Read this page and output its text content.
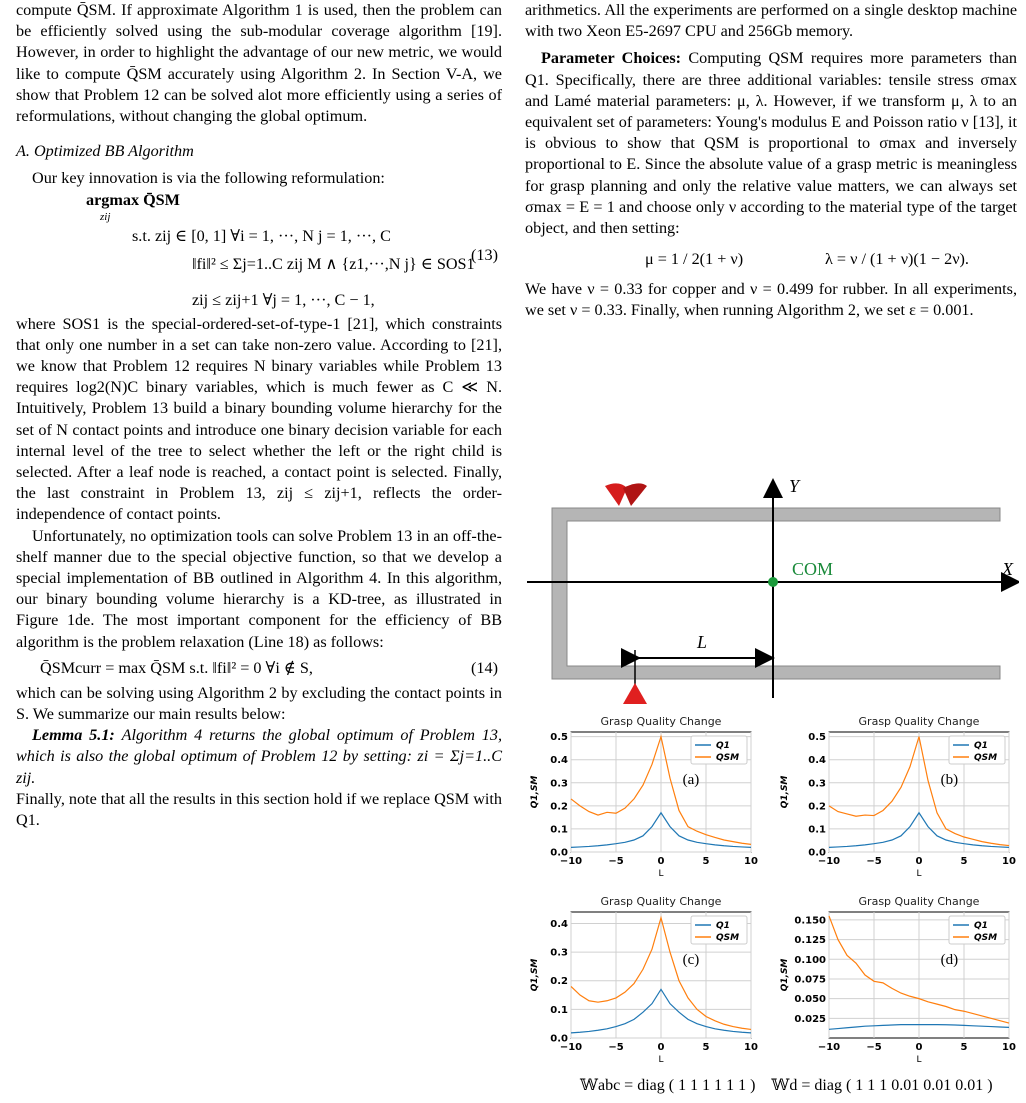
compute Q̄SM. If approximate Algorithm 1 is used, then the problem can be efficiently solved using the sub-modular coverage algorithm [19]. However, in order to highlight the advantage of our new metric, we would like to compute Q̄SM accurately using Algorithm 2. In Section V-A, we show that Problem 12 can be solved alot more efficiently using a series of reformulations, without changing the global optimum.

A. Optimized BB Algorithm

Our key innovation is via the following reformulation:

argmax Q̄SM
zij
s.t. zij ∈ [0, 1] ∀i = 1, ···, N j = 1, ···, C
‖fi‖² ≤ Σj=1..C zij M ∧ {z1,···,N j} ∈ SOS1
zij ≤ zij+1 ∀j = 1, ···, C − 1,
(13)

where SOS1 is the special-ordered-set-of-type-1 [21], which constraints that only one number in a set can take non-zero value. According to [21], we know that Problem 12 requires N binary variables while Problem 13 requires log2(N)C binary variables, which is much fewer as C ≪ N. Intuitively, Problem 13 build a binary bounding volume hierarchy for the set of N contact points and introduce one binary decision variable for each internal level of the tree to select whether the left or the right child is selected. After a leaf node is reached, a contact point is selected. Finally, the last constraint in Problem 13, zij ≤ zij+1, reflects the order-independence of contact points.

Unfortunately, no optimization tools can solve Problem 13 in an off-the-shelf manner due to the special objective function, so that we develop a special implementation of BB outlined in Algorithm 4. In this algorithm, our binary bounding volume hierarchy is a KD-tree, as illustrated in Figure 1de. The most important component for the efficiency of BB algorithm is the problem relaxation (Line 18) as follows:

Q̄SMcurr = max Q̄SM s.t. ‖fi‖² = 0 ∀i ∉ S,	(14)

which can be solving using Algorithm 2 by excluding the contact points in S. We summarize our main results below:

Lemma 5.1: Algorithm 4 returns the global optimum of Problem 13, which is also the global optimum of Problem 12 by setting: zi = Σj=1..C zij.

Finally, note that all the results in this section hold if we replace QSM with Q1.

arithmetics. All the experiments are performed on a single desktop machine with two Xeon E5-2697 CPU and 256Gb memory.

Parameter Choices: Computing QSM requires more parameters than Q1. Specifically, there are three additional variables: tensile stress σmax and Lamé material parameters: μ, λ. However, if we transform μ, λ to an equivalent set of parameters: Young's modulus E and Poisson ratio ν [13], it is obvious to show that QSM is proportional to σmax and inversely proportional to E. Since the absolute value of a grasp metric is meaningless for grasp planning and only the relative value matters, we can always set σmax = E = 1 and choose only ν according to the material type of the target object, and then setting:

μ = 1 / 2(1 + ν)	λ = ν / (1 + ν)(1 − 2ν).

We have ν = 0.33 for copper and ν = 0.499 for rubber. In all experiments, we set ν = 0.33. Finally, when running Algorithm 2, we set ε = 0.001.

COM
Y
X
L
Grasp Quality Change
−10	−5	0	5	10
0.0
0.1
0.2
0.3
0.4
0.5
L
Q1,SM
Q1
QSM
(a)
Grasp Quality Change
−10	−5	0	5	10
0.0
0.1
0.2
0.3
0.4
0.5
L
Q1,SM
Q1
QSM
(b)
Grasp Quality Change
−10	−5	0	5	10
0.0
0.1
0.2
0.3
0.4
L
Q1,SM
Q1
QSM
(c)
Grasp Quality Change
−10	−5	0	5	10
0.025
0.050
0.075
0.100
0.125
0.150
L
Q1,SM
Q1
QSM
(d)
𝕎abc = diag ( 1 1 1 1 1 1 ) 𝕎d = diag ( 1 1 1 0.01 0.01 0.01 )
